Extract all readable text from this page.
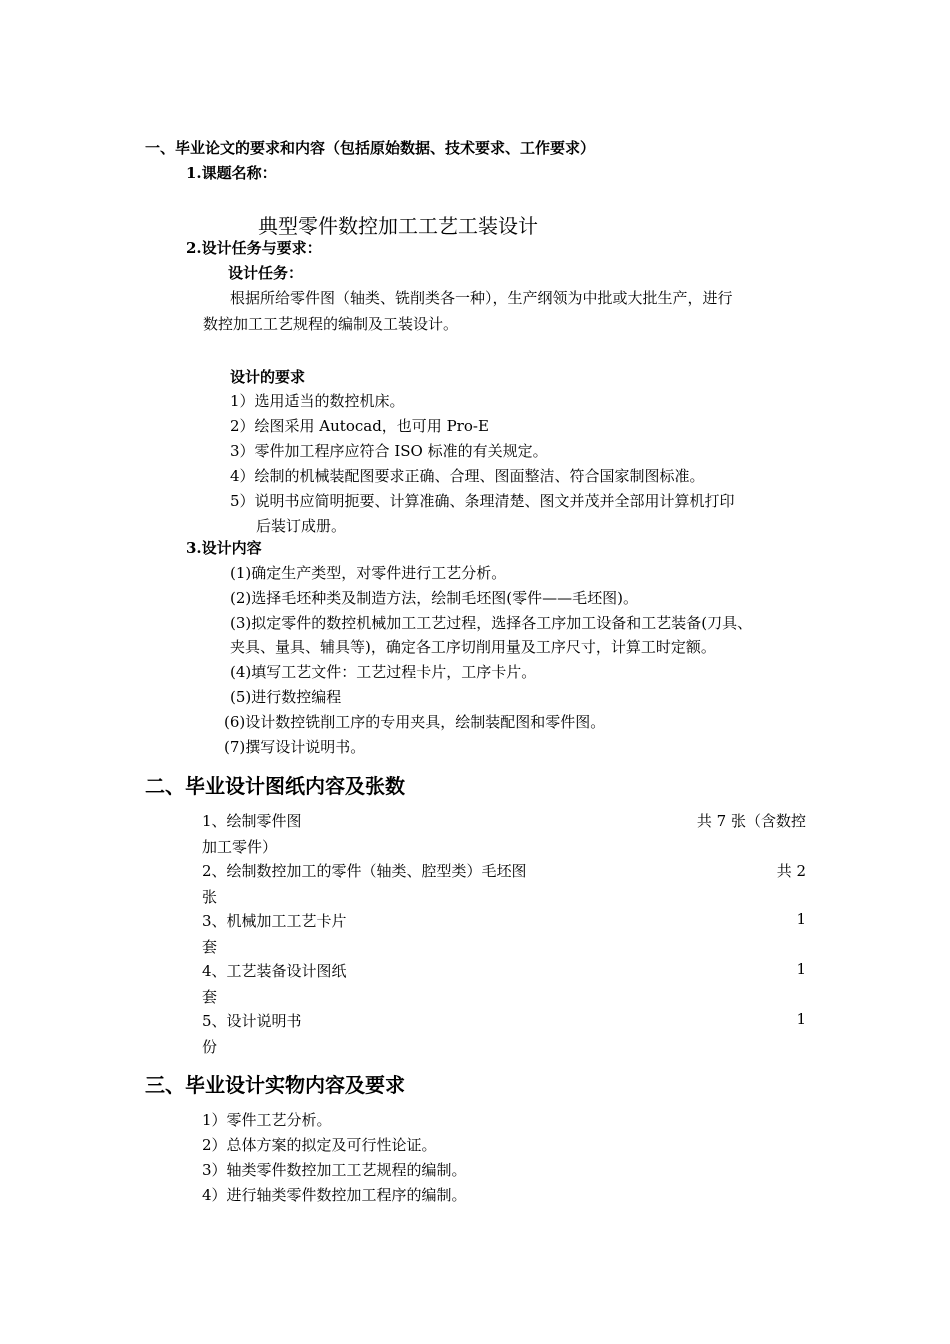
一、毕业论文的要求和内容（包括原始数据、技术要求、工作要求）
1.课题名称：
典型零件数控加工工艺工装设计
2.设计任务与要求：
设计任务：
根据所给零件图（轴类、铣削类各一种），生产纲领为中批或大批生产，进行
数控加工工艺规程的编制及工装设计。
设计的要求
1）选用适当的数控机床。
2）绘图采用 Autocad，也可用 Pro-E
3）零件加工程序应符合 ISO 标准的有关规定。
4）绘制的机械装配图要求正确、合理、图面整洁、符合国家制图标准。
5）说明书应简明扼要、计算准确、条理清楚、图文并茂并全部用计算机打印
后装订成册。
3.设计内容
(1)确定生产类型，对零件进行工艺分析。
(2)选择毛坯种类及制造方法，绘制毛坯图(零件——毛坯图)。
(3)拟定零件的数控机械加工工艺过程，选择各工序加工设备和工艺装备(刀具、
夹具、量具、辅具等)，确定各工序切削用量及工序尺寸，计算工时定额。
(4)填写工艺文件：工艺过程卡片，工序卡片。
(5)进行数控编程
(6)设计数控铣削工序的专用夹具，绘制装配图和零件图。
(7)撰写设计说明书。
二、毕业设计图纸内容及张数
1、绘制零件图	共 7 张（含数控
加工零件）
2、绘制数控加工的零件（轴类、腔型类）毛坯图	共 2
张
3、机械加工工艺卡片	1
套
4、工艺装备设计图纸	1
套
5、设计说明书	1
份
三、毕业设计实物内容及要求
1）零件工艺分析。
2）总体方案的拟定及可行性论证。
3）轴类零件数控加工工艺规程的编制。
4）进行轴类零件数控加工程序的编制。
